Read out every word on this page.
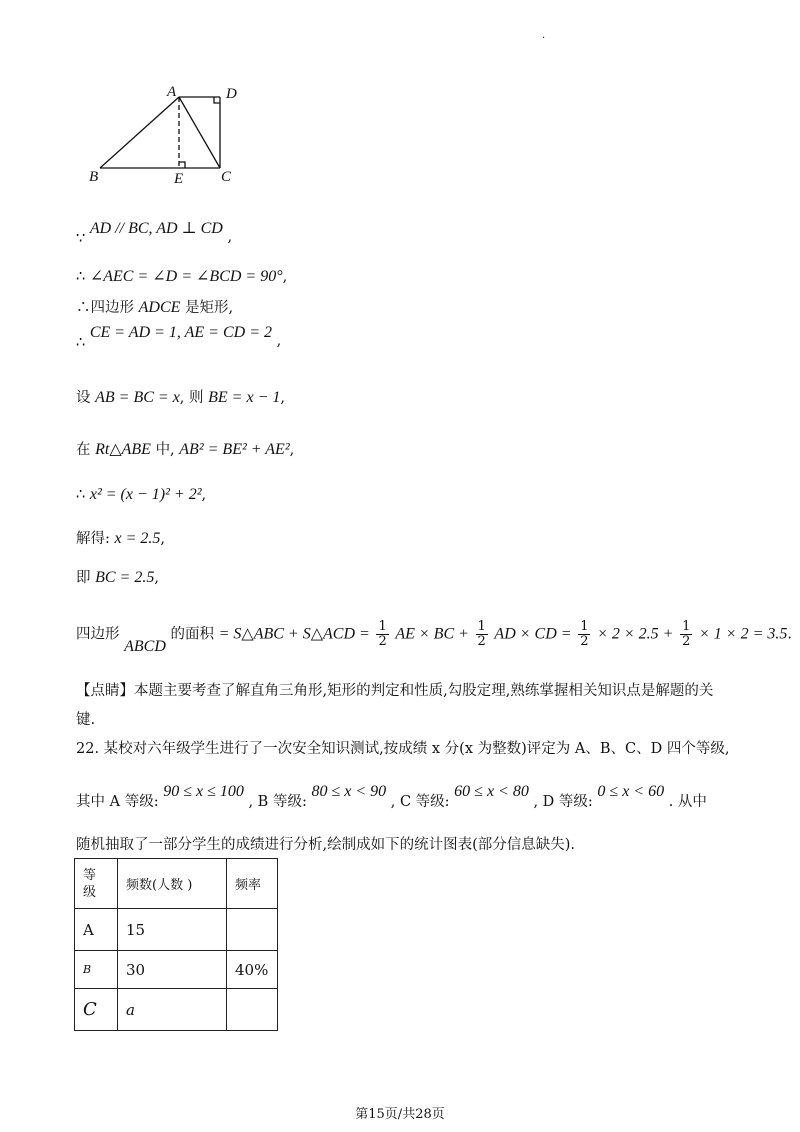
.
A	D
B	E	C
∵ AD // BC, AD ⊥ CD ,
∴ ∠AEC = ∠D = ∠BCD = 90°,
∴四边形 ADCE 是矩形,
∴ CE = AD = 1, AE = CD = 2 ,
设 AB = BC = x, 则 BE = x − 1,
在 Rt△ABE 中, AB² = BE² + AE²,
∴ x² = (x − 1)² + 2²,
解得: x = 2.5,
即 BC = 2.5,
四边形 ABCD 的面积 = S△ABC + S△ACD = $\frac{1}{2}$ AE × BC + $\frac{1}{2}$ AD × CD = $\frac{1}{2} \times 2 \times 2.5 + \frac{1}{2} \times 1 \times 2 = 3.5$.
【点睛】本题主要考查了解直角三角形,矩形的判定和性质,勾股定理,熟练掌握相关知识点是解题的关
键.
22. 某校对六年级学生进行了一次安全知识测试,按成绩 x 分(x 为整数)评定为 A、B、C、D 四个等级,
其中 A 等级: 90 ≤ x ≤ 100 , B 等级: 80 ≤ x < 90 , C 等级: 60 ≤ x < 80 , D 等级: 0 ≤ x < 60 . 从中
随机抽取了一部分学生的成绩进行分析,绘制成如下的统计图表(部分信息缺失).
等
级	频数(人数 )	频率
A	15	
B	30	40%
C	a	
第15页/共28页
